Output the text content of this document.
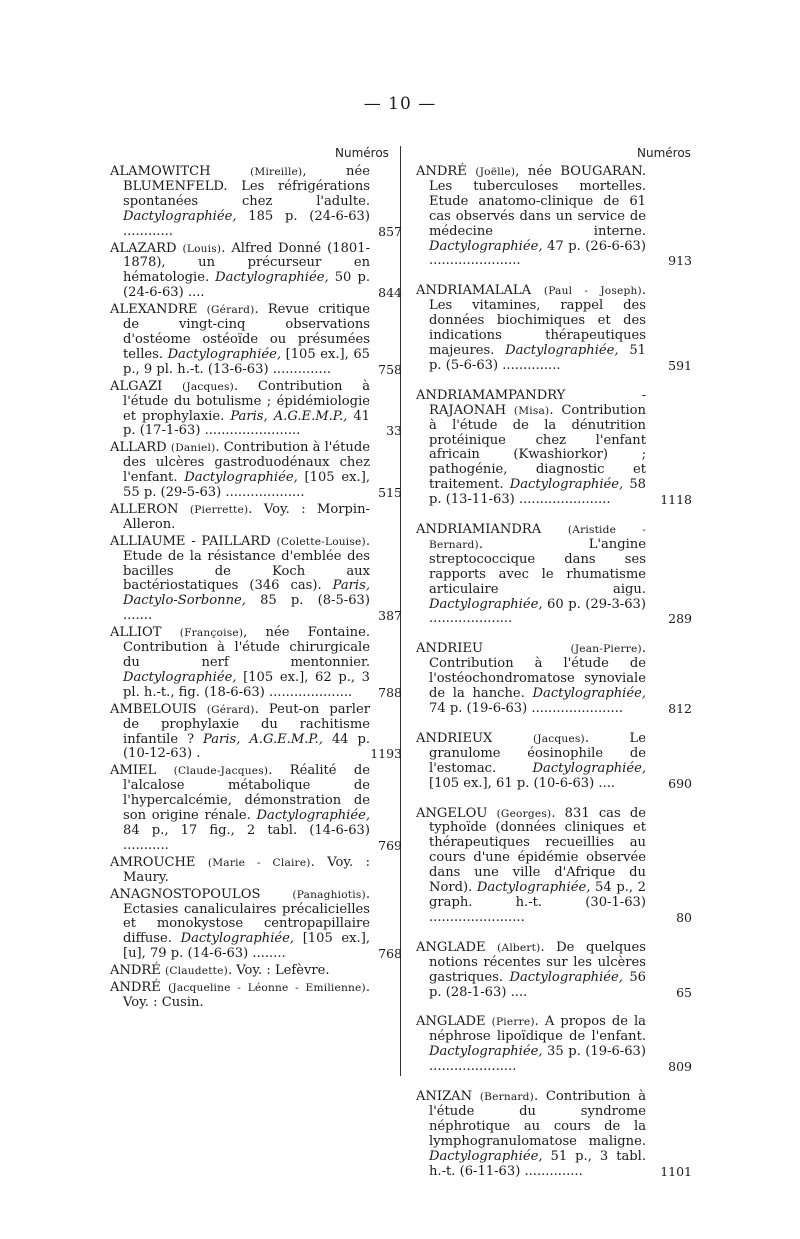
— 10 —
Numéros	Numéros
ALAMOWITCH	(Mireille), née BLUMENFELD. Les réfrigérations spontanées chez l'adulte. Dactylographiée, 185 p. (24-6-63) ............	857
ALAZARD (Louis). Alfred Donné (1801-1878), un précurseur en hématologie. Dactylographiée, 50 p. (24-6-63) ....	844
ALEXANDRE (Gérard). Revue critique de vingt-cinq observations d'ostéome ostéoïde ou présumées telles. Dactylographiée, [105 ex.], 65 p., 9 pl. h.-t. (13-6-63) ..............	758
ALGAZI (Jacques). Contribution à l'étude du botulisme ; épidémiologie et prophylaxie. Paris, A.G.E.M.P., 41 p. (17-1-63) .......................	33
ALLARD (Daniel). Contribution à l'étude des ulcères gastroduodénaux chez l'enfant. Dactylographiée, [105 ex.], 55 p. (29-5-63) ...................	515
ALLERON (Pierrette). Voy. : Morpin-Alleron.
ALLIAUME - PAILLARD (Colette-Louise). Etude de la résistance d'emblée des bacilles de Koch aux bactériostatiques (346 cas). Paris, Dactylo-Sorbonne, 85 p. (8-5-63) .......	387
ALLIOT (Françoise), née Fontaine. Contribution à l'étude chirurgicale du nerf mentonnier. Dactylographiée, [105 ex.], 62 p., 3 pl. h.-t., fig. (18-6-63) .................... 788
AMBELOUIS (Gérard). Peut-on parler de prophylaxie du rachitisme infantile ? Paris, A.G.E.M.P., 44 p. (10-12-63) .	1193
AMIEL (Claude-Jacques). Réalité de l'alcalose métabolique de l'hypercalcémie, démonstration de son origine rénale. Dactylographiée, 84 p., 17 fig., 2 tabl. (14-6-63) ...........	769
AMROUCHE (Marie - Claire). Voy. : Maury.
ANAGNOSTOPOULOS	(Panaghiotis). Ectasies canaliculaires précalicielles et monokystose centropapillaire diffuse. Dactylographiée, [105 ex.], [u], 79 p. (14-6-63) ........	768
ANDRÉ (Claudette). Voy. : Lefèvre.
ANDRÉ (Jacqueline - Léonne - Emilienne). Voy. : Cusin.
ANDRÉ (Joëlle), née BOUGARAN. Les tuberculoses mortelles. Etude anatomo-clinique de 61 cas observés dans un service de médecine interne. Dactylographiée, 47 p. (26-6-63) ......................	913
ANDRIAMALALA (Paul - Joseph). Les vitamines, rappel des données biochimiques et des indications thérapeutiques majeures. Dactylographiée, 51 p. (5-6-63) ..............	591
ANDRIAMAMPANDRY - RAJAONAH (Misa). Contribution à l'étude de la dénutrition protéinique chez l'enfant africain (Kwashiorkor) ; pathogénie, diagnostic et traitement. Dactylographiée, 58 p. (13-11-63) ......................	1118
ANDRIAMIANDRA	(Aristide - Bernard). L'angine streptococcique dans ses rapports avec le rhumatisme articulaire aigu. Dactylographiée, 60 p. (29-3-63) ....................	289
ANDRIEU	(Jean-Pierre). Contribution à l'étude de l'ostéochondromatose synoviale de la hanche. Dactylographiée, 74 p. (19-6-63) ......................	812
ANDRIEUX	(Jacques). Le granulome éosinophile de l'estomac. Dactylographiée, [105 ex.], 61 p. (10-6-63) ....	690
ANGELOU (Georges). 831 cas de typhoïde (données cliniques et thérapeutiques recueillies au cours d'une épidémie observée dans une ville d'Afrique du Nord). Dactylographiée, 54 p., 2 graph. h.-t. (30-1-63) .......................	80
ANGLADE (Albert). De quelques notions récentes sur les ulcères gastriques. Dactylographiée, 56 p. (28-1-63) ....	65
ANGLADE (Pierre). A propos de la néphrose lipoïdique de l'enfant. Dactylographiée, 35 p. (19-6-63) .....................	809
ANIZAN (Bernard). Contribution à l'étude du syndrome néphrotique au cours de la lymphogranulomatose maligne. Dactylographiée, 51 p., 3 tabl. h.-t. (6-11-63) ..............	1101
